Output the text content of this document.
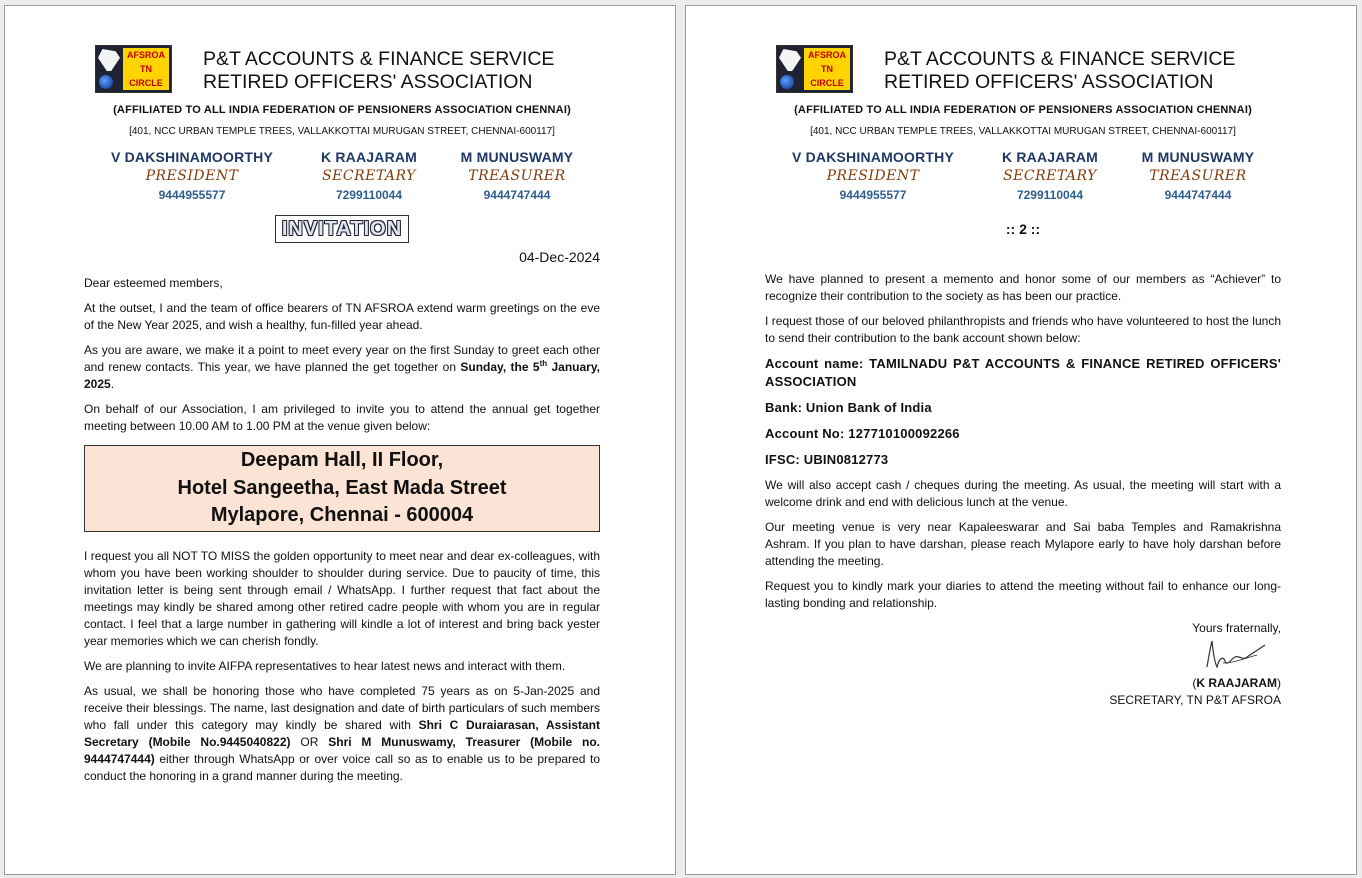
AFSROA
TN
CIRCLE
P&T ACCOUNTS & FINANCE SERVICE
RETIRED OFFICERS' ASSOCIATION
(AFFILIATED TO ALL INDIA FEDERATION OF PENSIONERS ASSOCIATION CHENNAI)
[401, NCC URBAN TEMPLE TREES, VALLAKKOTTAI MURUGAN STREET, CHENNAI-600117]
V DAKSHINAMOORTHY
PRESIDENT
9444955577
K RAAJARAM
SECRETARY
7299110044
M MUNUSWAMY
TREASURER
9444747444
INVITATION
04-Dec-2024

Dear esteemed members,

At the outset, I and the team of office bearers of TN AFSROA extend warm greetings on the eve of the New Year 2025, and wish a healthy, fun-filled year ahead.

As you are aware, we make it a point to meet every year on the first Sunday to greet each other and renew contacts. This year, we have planned the get together on Sunday, the 5th January, 2025.

On behalf of our Association, I am privileged to invite you to attend the annual get together meeting between 10.00 AM to 1.00 PM at the venue given below:

Deepam Hall, II Floor,
Hotel Sangeetha, East Mada Street
Mylapore, Chennai - 600004

I request you all NOT TO MISS the golden opportunity to meet near and dear ex-colleagues, with whom you have been working shoulder to shoulder during service. Due to paucity of time, this invitation letter is being sent through email / WhatsApp. I further request that fact about the meetings may kindly be shared among other retired cadre people with whom you are in regular contact. I feel that a large number in gathering will kindle a lot of interest and bring back yester year memories which we can cherish fondly.

We are planning to invite AIFPA representatives to hear latest news and interact with them.

As usual, we shall be honoring those who have completed 75 years as on 5-Jan-2025 and receive their blessings. The name, last designation and date of birth particulars of such members who fall under this category may kindly be shared with Shri C Duraiarasan, Assistant Secretary (Mobile No.9445040822) OR Shri M Munuswamy, Treasurer (Mobile no. 9444747444) either through WhatsApp or over voice call so as to enable us to be prepared to conduct the honoring in a grand manner during the meeting.

AFSROA
TN
CIRCLE
P&T ACCOUNTS & FINANCE SERVICE
RETIRED OFFICERS' ASSOCIATION
(AFFILIATED TO ALL INDIA FEDERATION OF PENSIONERS ASSOCIATION CHENNAI)
[401, NCC URBAN TEMPLE TREES, VALLAKKOTTAI MURUGAN STREET, CHENNAI-600117]
V DAKSHINAMOORTHY
PRESIDENT
9444955577
K RAAJARAM
SECRETARY
7299110044
M MUNUSWAMY
TREASURER
9444747444
:: 2 ::

We have planned to present a memento and honor some of our members as “Achiever” to recognize their contribution to the society as has been our practice.

I request those of our beloved philanthropists and friends who have volunteered to host the lunch to send their contribution to the bank account shown below:

Account name: TAMILNADU P&T ACCOUNTS & FINANCE RETIRED OFFICERS' ASSOCIATION

Bank: Union Bank of India

Account No: 127710100092266

IFSC: UBIN0812773

We will also accept cash / cheques during the meeting. As usual, the meeting will start with a welcome drink and end with delicious lunch at the venue.

Our meeting venue is very near Kapaleeswarar and Sai baba Temples and Ramakrishna Ashram. If you plan to have darshan, please reach Mylapore early to have holy darshan before attending the meeting.

Request you to kindly mark your diaries to attend the meeting without fail to enhance our long-lasting bonding and relationship.

Yours fraternally,
(K RAAJARAM)
SECRETARY, TN P&T AFSROA
